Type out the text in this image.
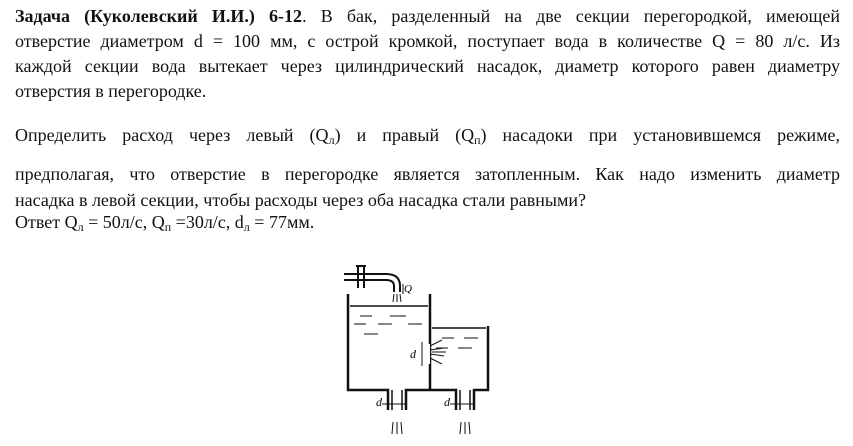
Задача (Куколевский И.И.) 6-12. В бак, разделенный на две секции перегородкой, имеющей
отверстие диаметром d = 100 мм, с острой кромкой, поступает вода в количестве Q = 80 л/с. Из
каждой секции вода вытекает через цилиндрический насадок, диаметр которого равен диаметру
отверстия в перегородке.
Определить расход через левый $(Q_л)$ и правый $(Q_п)$ насадоки при установившемся режиме,
предполагая, что отверстие в перегородке является затопленным. Как надо изменить диаметр
насадка в левой секции, чтобы расходы через оба насадка стали равными?
Ответ $Q_л = 50л/с$, $Q_п =30л/с$, $d_л = 77мм$.
Q
d
d	d
